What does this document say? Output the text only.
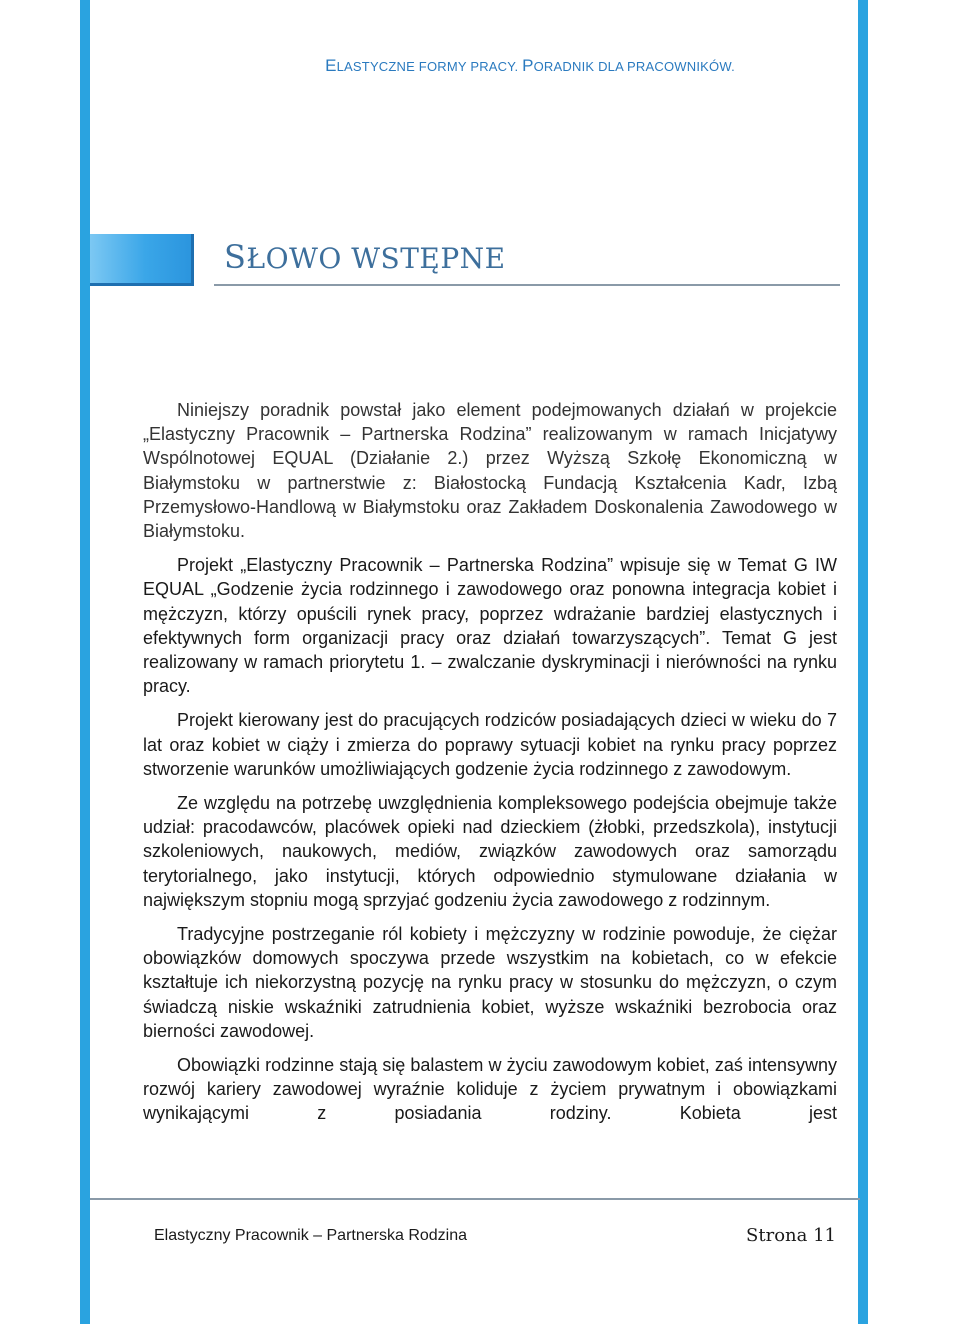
ELASTYCZNE FORMY PRACY. PORADNIK DLA PRACOWNIKÓW.
SŁOWO WSTĘPNE

Niniejszy poradnik powstał jako element podejmowanych działań w projekcie „Elastyczny Pracownik – Partnerska Rodzina” realizowanym w ramach Inicjatywy Wspólnotowej EQUAL (Działanie 2.) przez Wyższą Szkołę Ekonomiczną w Białymstoku w partnerstwie z: Białostocką Fundacją Kształcenia Kadr, Izbą Przemysłowo-Handlową w Białymstoku oraz Zakładem Doskonalenia Zawodowego w Białymstoku.

Projekt „Elastyczny Pracownik – Partnerska Rodzina” wpisuje się w Temat G IW EQUAL „Godzenie życia rodzinnego i zawodowego oraz ponowna integracja kobiet i mężczyzn, którzy opuścili rynek pracy, poprzez wdrażanie bardziej elastycznych i efektywnych form organizacji pracy oraz działań towarzyszących”. Temat G jest realizowany w ramach priorytetu 1. – zwalczanie dyskryminacji i nierówności na rynku pracy.

Projekt kierowany jest do pracujących rodziców posiadających dzieci w wieku do 7 lat oraz kobiet w ciąży i zmierza do poprawy sytuacji kobiet na rynku pracy poprzez stworzenie warunków umożliwiających godzenie życia rodzinnego z zawodowym.

Ze względu na potrzebę uwzględnienia kompleksowego podejścia obejmuje także udział: pracodawców, placówek opieki nad dzieckiem (żłobki, przedszkola), instytucji szkoleniowych, naukowych, mediów, związków zawodowych oraz samorządu terytorialnego, jako instytucji, których odpowiednio stymulowane działania w największym stopniu mogą sprzyjać godzeniu życia zawodowego z rodzinnym.

Tradycyjne postrzeganie ról kobiety i mężczyzny w rodzinie powoduje, że ciężar obowiązków domowych spoczywa przede wszystkim na kobietach, co w efekcie kształtuje ich niekorzystną pozycję na rynku pracy w stosunku do mężczyzn, o czym świadczą niskie wskaźniki zatrudnienia kobiet, wyższe wskaźniki bezrobocia oraz bierności zawodowej.

Obowiązki rodzinne stają się balastem w życiu zawodowym kobiet, zaś intensywny rozwój kariery zawodowej wyraźnie koliduje z życiem prywatnym i obowiązkami wynikającymi z posiadania rodziny. Kobieta jest

Elastyczny Pracownik – Partnerska Rodzina	Strona 11
